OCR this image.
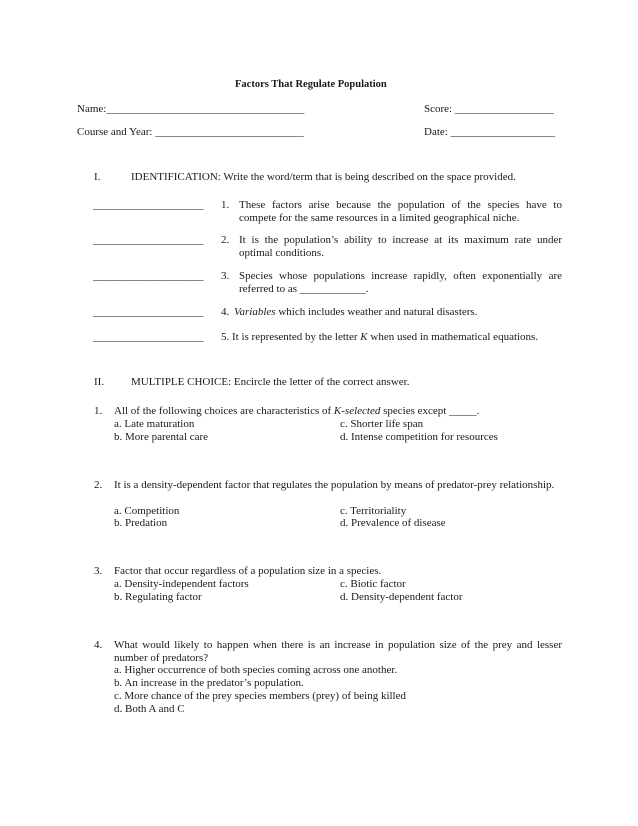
Factors That Regulate Population
Name:____________________________________	Score: __________________
Course and Year: ___________________________	Date: ___________________
I.	IDENTIFICATION: Write the word/term that is being described on the space provided.
______________________ 1. These factors arise because the population of the species have to compete for the same resources in a limited geographical niche.
______________________ 2. It is the population’s ability to increase at its maximum rate under optimal conditions.
______________________ 3. Species whose populations increase rapidly, often exponentially are referred to as ____________.
______________________ 4. Variables which includes weather and natural disasters.
______________________ 5. It is represented by the letter K when used in mathematical equations.
II. MULTIPLE CHOICE: Encircle the letter of the correct answer.
1. All of the following choices are characteristics of K-selected species except _____.
a. Late maturation
b. More parental care
c. Shorter life span
d. Intense competition for resources
2. It is a density-dependent factor that regulates the population by means of predator-prey relationship.
a. Competition
b. Predation
c. Territoriality
d. Prevalence of disease
3. Factor that occur regardless of a population size in a species.
a. Density-independent factors
b. Regulating factor
c. Biotic factor
d. Density-dependent factor
4. What would likely to happen when there is an increase in population size of the prey and lesser number of predators?
a. Higher occurrence of both species coming across one another.
b. An increase in the predator’s population.
c. More chance of the prey species members (prey) of being killed
d. Both A and C
